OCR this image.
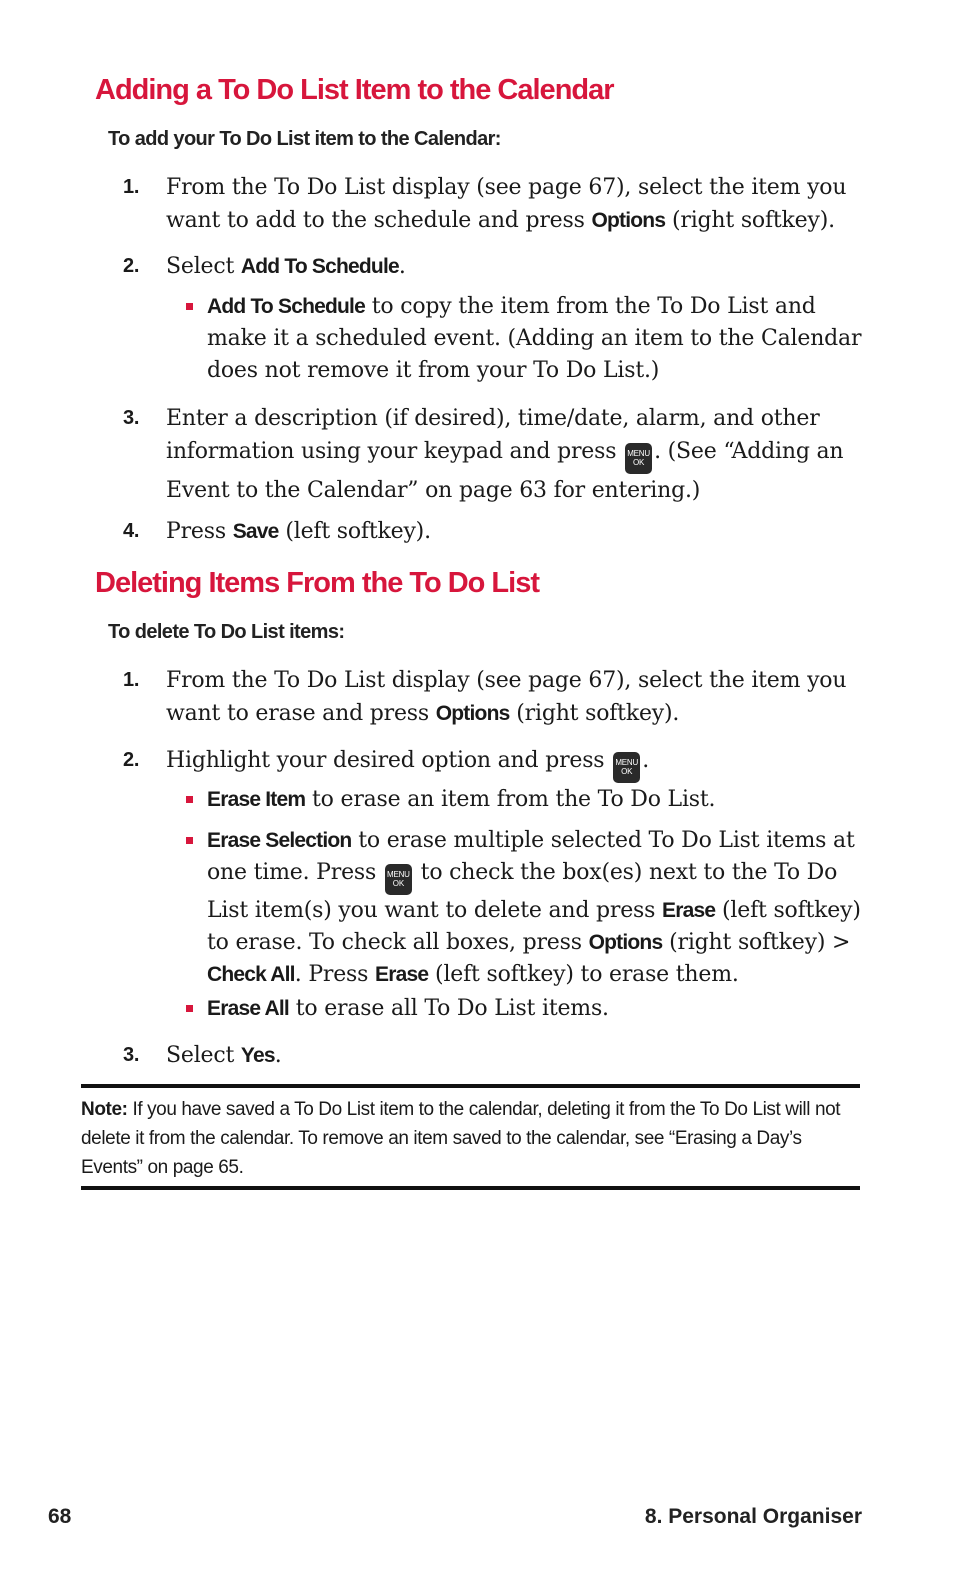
Adding a To Do List Item to the Calendar

To add your To Do List item to the Calendar:

1. From the To Do List display (see page 67), select the item you want to add to the schedule and press Options (right softkey).
2. Select Add To Schedule.
Add To Schedule to copy the item from the To Do List and make it a scheduled event. (Adding an item to the Calendar does not remove it from your To Do List.)
3. Enter a description (if desired), time/date, alarm, and other information using your keypad and press MENU
OK . (See “Adding an Event to the Calendar” on page 63 for entering.)
4. Press Save (left softkey).
Deleting Items From the To Do List

To delete To Do List items:

1. From the To Do List display (see page 67), select the item you want to erase and press Options (right softkey).
2. Highlight your desired option and press MENU
OK .
Erase Item to erase an item from the To Do List.
Erase Selection to erase multiple selected To Do List items at one time. Press MENU
OK to check the box(es) next to the To Do List item(s) you want to delete and press Erase (left softkey) to erase. To check all boxes, press Options (right softkey) > Check All. Press Erase (left softkey) to erase them.
Erase All to erase all To Do List items.
3. Select Yes.
Note: If you have saved a To Do List item to the calendar, deleting it from the To Do List will not delete it from the calendar. To remove an item saved to the calendar, see “Erasing a Day’s Events” on page 65.
68	8. Personal Organiser
